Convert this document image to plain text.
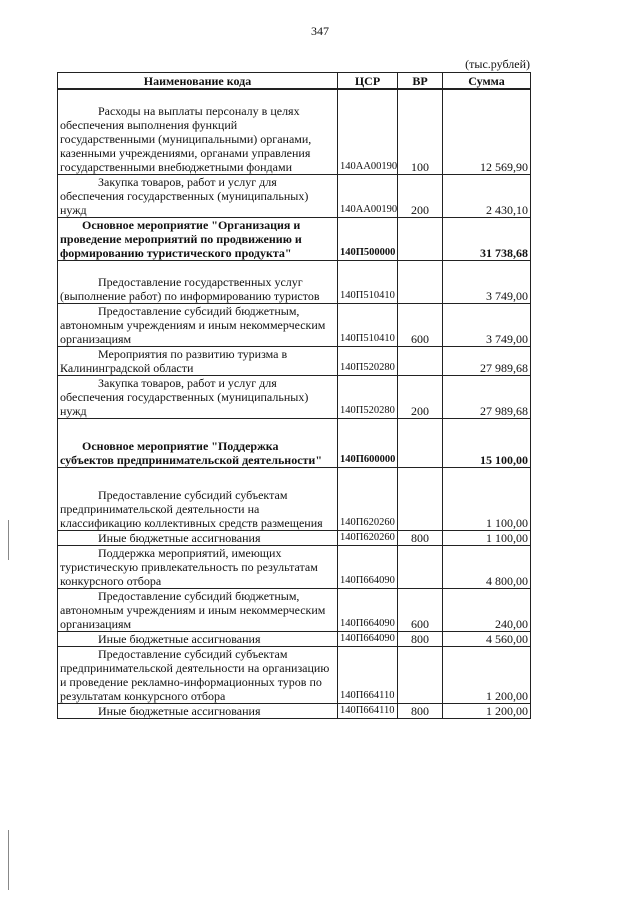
347
(тыс.рублей)
Наименование кода	ЦСР	ВР	Сумма

Расходы на выплаты персоналу в целях обеспечения выполнения функций государственными (муниципальными) органами, казенными учреждениями, органами управления государственными внебюджетными фондами	140АА00190	100	12 569,90

Закупка товаров, работ и услуг для обеспечения государственных (муниципальных) нужд	140АА00190	200	2 430,10

Основное мероприятие "Организация и проведение мероприятий по продвижению и формированию туристического продукта"	140П500000		31 738,68

Предоставление государственных услуг (выполнение работ) по информированию туристов	140П510410		3 749,00

Предоставление субсидий бюджетным, автономным учреждениям и иным некоммерческим организациям	140П510410	600	3 749,00

Мероприятия по развитию туризма в Калининградской области	140П520280		27 989,68

Закупка товаров, работ и услуг для обеспечения государственных (муниципальных) нужд	140П520280	200	27 989,68

Основное мероприятие "Поддержка субъектов предпринимательской деятельности"	140П600000		15 100,00

Предоставление субсидий субъектам предпринимательской деятельности на классификацию коллективных средств размещения	140П620260		1 100,00

Иные бюджетные ассигнования	140П620260	800	1 100,00

Поддержка мероприятий, имеющих туристическую привлекательность по результатам конкурсного отбора	140П664090		4 800,00

Предоставление субсидий бюджетным, автономным учреждениям и иным некоммерческим организациям	140П664090	600	240,00

Иные бюджетные ассигнования	140П664090	800	4 560,00

Предоставление субсидий субъектам предпринимательской деятельности на организацию и проведение рекламно-информационных туров по результатам конкурсного отбора	140П664110		1 200,00

Иные бюджетные ассигнования	140П664110	800	1 200,00
